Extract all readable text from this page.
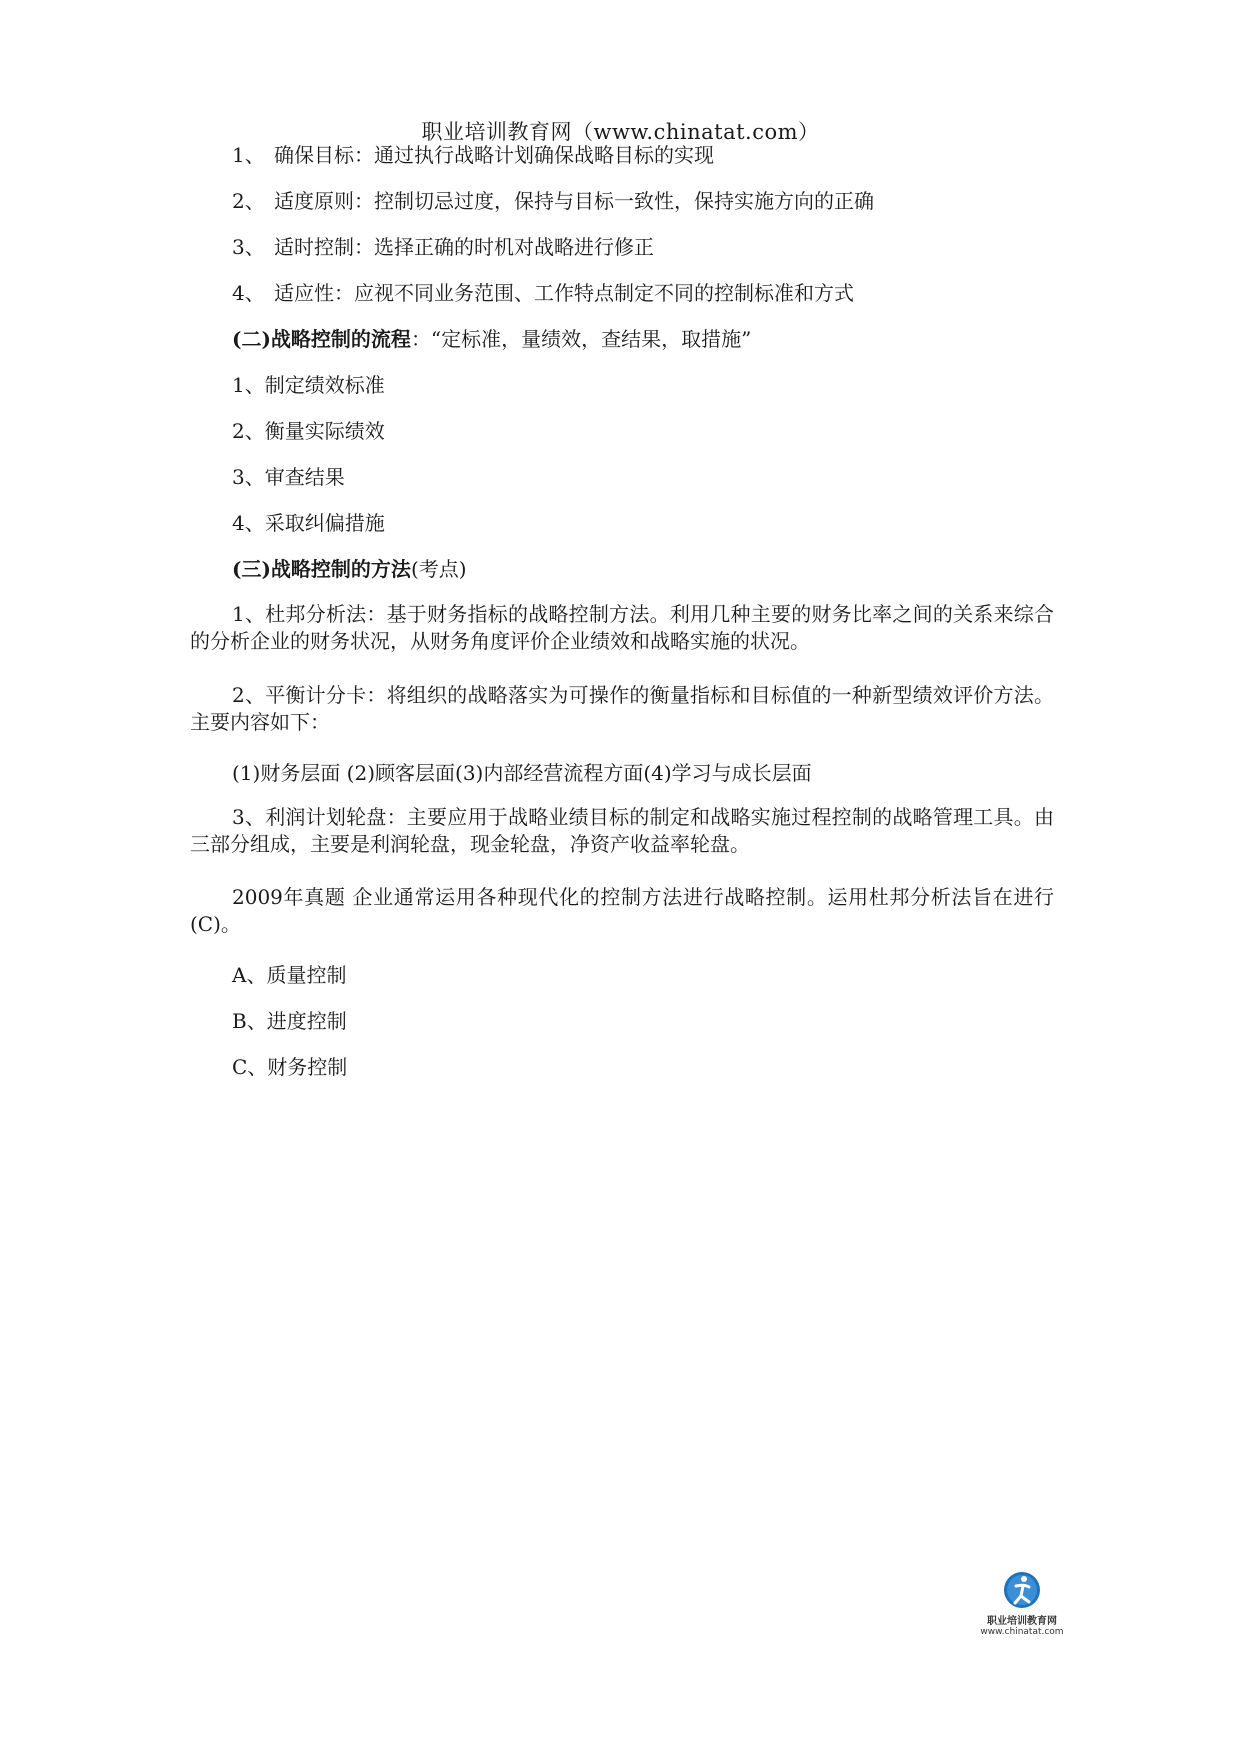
职业培训教育网（www.chinatat.com）
1、 确保目标：通过执行战略计划确保战略目标的实现
2、 适度原则：控制切忌过度，保持与目标一致性，保持实施方向的正确
3、 适时控制：选择正确的时机对战略进行修正
4、 适应性：应视不同业务范围、工作特点制定不同的控制标准和方式
(二)战略控制的流程：“定标准，量绩效，查结果，取措施”
1、制定绩效标准
2、衡量实际绩效
3、审查结果
4、采取纠偏措施
(三)战略控制的方法(考点)
1、杜邦分析法：基于财务指标的战略控制方法。利用几种主要的财务比率之间的关系来综合的分析企业的财务状况，从财务角度评价企业绩效和战略实施的状况。
2、平衡计分卡：将组织的战略落实为可操作的衡量指标和目标值的一种新型绩效评价方法。主要内容如下：
(1)财务层面 (2)顾客层面(3)内部经营流程方面(4)学习与成长层面
3、利润计划轮盘：主要应用于战略业绩目标的制定和战略实施过程控制的战略管理工具。由三部分组成，主要是利润轮盘，现金轮盘，净资产收益率轮盘。
2009年真题 企业通常运用各种现代化的控制方法进行战略控制。运用杜邦分析法旨在进行(C)。
A、质量控制
B、进度控制
C、财务控制
职业培训教育网
www.chinatat.com
